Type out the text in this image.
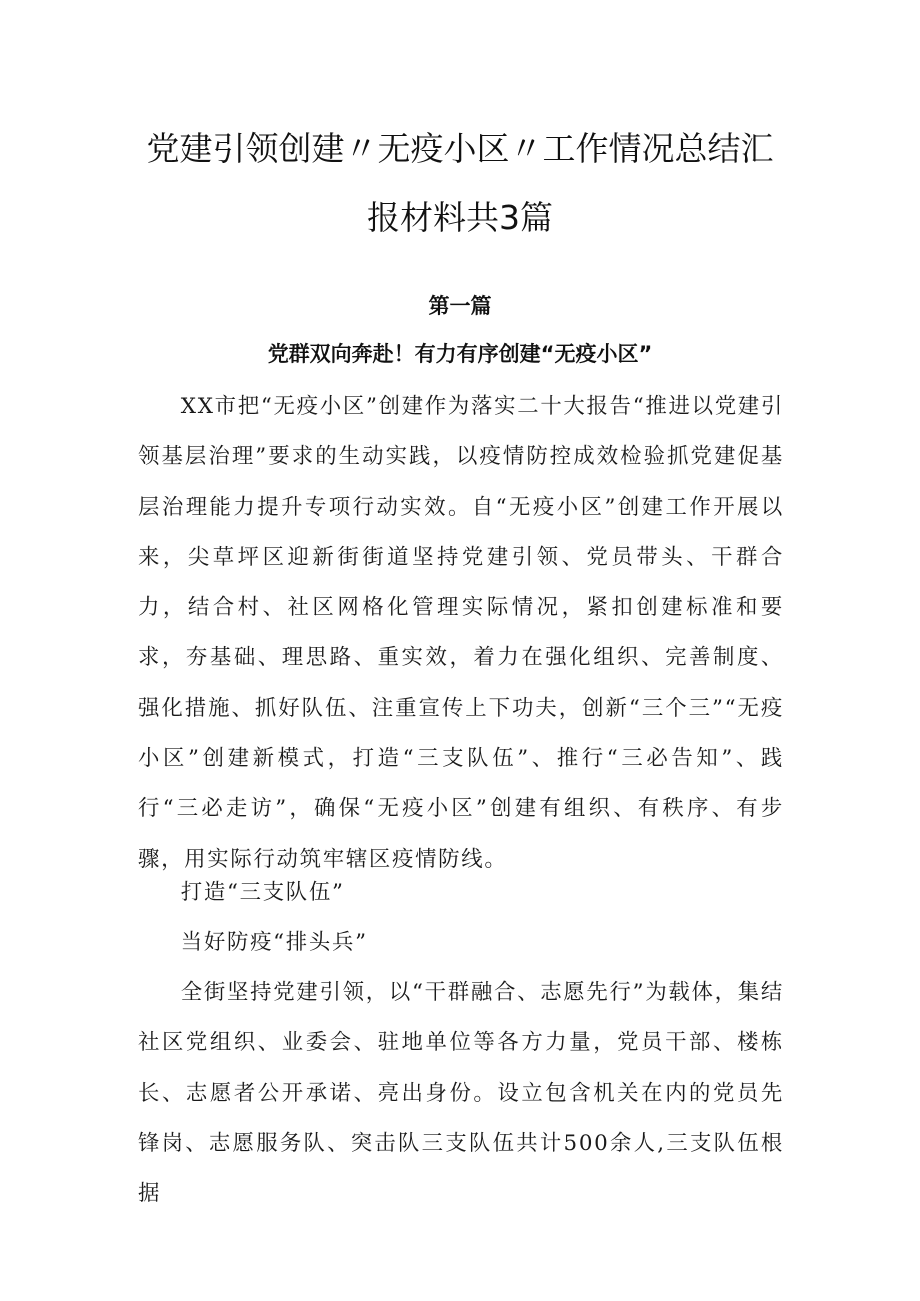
党建引领创建〃无疫小区〃工作情况总结汇
报材料共3篇
第一篇
党群双向奔赴！有力有序创建“无疫小区”

XX市把“无疫小区”创建作为落实二十大报告“推进以党建引领基层治理”要求的生动实践，以疫情防控成效检验抓党建促基层治理能力提升专项行动实效。自“无疫小区”创建工作开展以来，尖草坪区迎新街街道坚持党建引领、党员带头、干群合力，结合村、社区网格化管理实际情况，紧扣创建标准和要求，夯基础、理思路、重实效，着力在强化组织、完善制度、强化措施、抓好队伍、注重宣传上下功夫，创新“三个三”“无疫小区”创建新模式，打造“三支队伍”、推行“三必告知”、践行“三必走访”，确保“无疫小区”创建有组织、有秩序、有步骤，用实际行动筑牢辖区疫情防线。

打造“三支队伍”

当好防疫“排头兵”

全街坚持党建引领，以“干群融合、志愿先行”为载体，集结社区党组织、业委会、驻地单位等各方力量，党员干部、楼栋长、志愿者公开承诺、亮出身份。设立包含机关在内的党员先锋岗、志愿服务队、突击队三支队伍共计500余人,三支队伍根据
